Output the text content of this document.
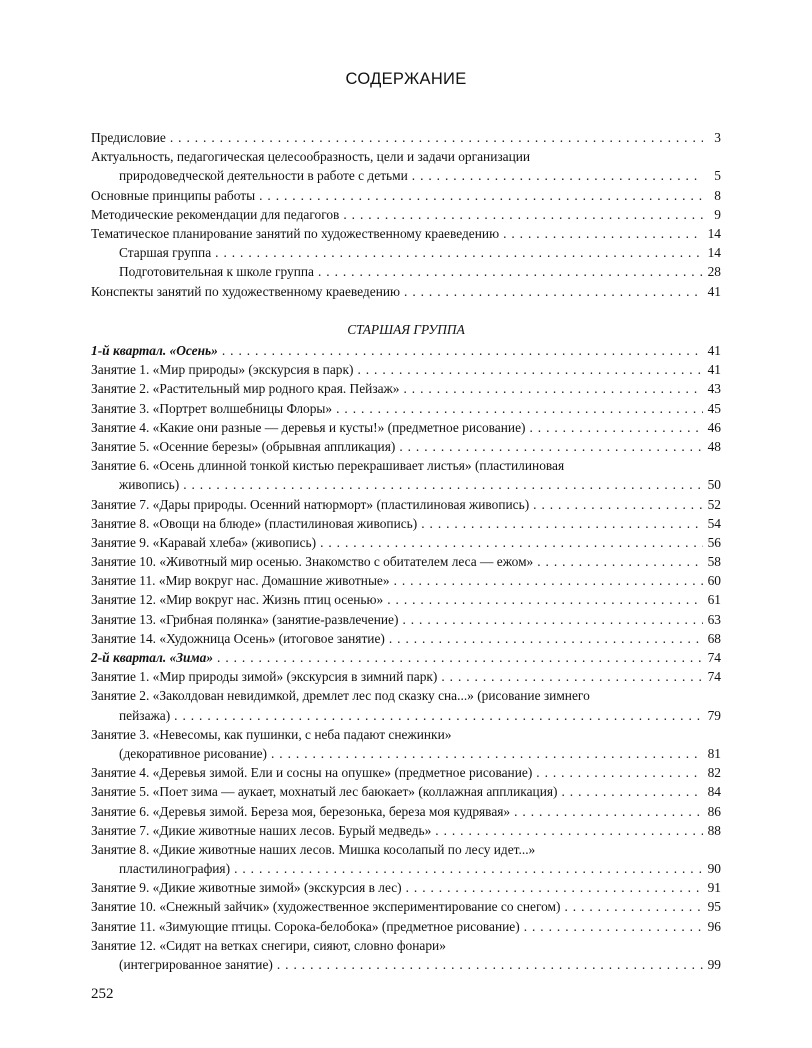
СОДЕРЖАНИЕ
Предисловие . . .	3
Актуальность, педагогическая целесообразность, цели и задачи организации
природоведческой деятельности в работе с детьми . . .	5
Основные принципы работы . . .	8
Методические рекомендации для педагогов . . .	9
Тематическое планирование занятий по художественному краеведению . . .	14
Старшая группа . . .	14
Подготовительная к школе группа . . .	28
Конспекты занятий по художественному краеведению . . .	41
СТАРШАЯ ГРУППА
1-й квартал. «Осень» . . .	41
Занятие 1. «Мир природы» (экскурсия в парк) . . .	41
Занятие 2. «Растительный мир родного края. Пейзаж» . . .	43
Занятие 3. «Портрет волшебницы Флоры» . . .	45
Занятие 4. «Какие они разные — деревья и кусты!» (предметное рисование) . . .	46
Занятие 5. «Осенние березы» (обрывная аппликация) . . .	48
Занятие 6. «Осень длинной тонкой кистью перекрашивает листья» (пластилиновая
живопись) . . .	50
Занятие 7. «Дары природы. Осенний натюрморт» (пластилиновая живопись) . . .	52
Занятие 8. «Овощи на блюде» (пластилиновая живопись) . . .	54
Занятие 9. «Каравай хлеба» (живопись) . . .	56
Занятие 10. «Животный мир осенью. Знакомство с обитателем леса — ежом» . . .	58
Занятие 11. «Мир вокруг нас. Домашние животные» . . .	60
Занятие 12. «Мир вокруг нас. Жизнь птиц осенью» . . .	61
Занятие 13. «Грибная полянка» (занятие-развлечение) . . .	63
Занятие 14. «Художница Осень» (итоговое занятие) . . .	68
2-й квартал. «Зима» . . .	74
Занятие 1. «Мир природы зимой» (экскурсия в зимний парк) . . .	74
Занятие 2. «Заколдован невидимкой, дремлет лес под сказку сна...» (рисование зимнего
пейзажа) . . .	79
Занятие 3. «Невесомы, как пушинки, с неба падают снежинки»
(декоративное рисование) . . .	81
Занятие 4. «Деревья зимой. Ели и сосны на опушке» (предметное рисование) . . .	82
Занятие 5. «Поет зима — аукает, мохнатый лес баюкает» (коллажная аппликация) . . .	84
Занятие 6. «Деревья зимой. Береза моя, березонька, береза моя кудрявая» . . .	86
Занятие 7. «Дикие животные наших лесов. Бурый медведь» . . .	88
Занятие 8. «Дикие животные наших лесов. Мишка косолапый по лесу идет...»
пластилинография) . . .	90
Занятие 9. «Дикие животные зимой» (экскурсия в лес) . . .	91
Занятие 10. «Снежный зайчик» (художественное экспериментирование со снегом) . . .	95
Занятие 11. «Зимующие птицы. Сорока-белобока» (предметное рисование) . . .	96
Занятие 12. «Сидят на ветках снегири, сияют, словно фонари»
(интегрированное занятие) . . .	99
252
